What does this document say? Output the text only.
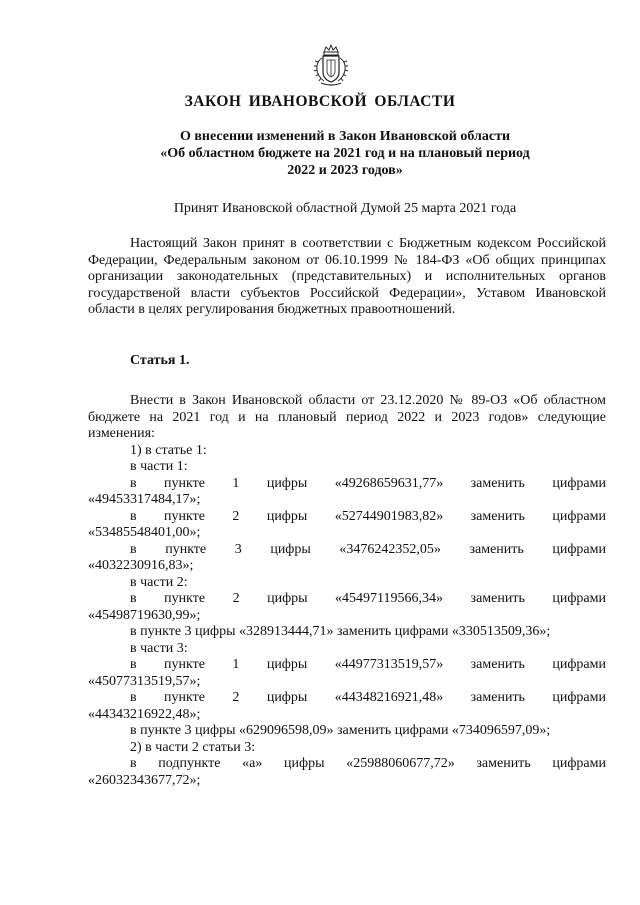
ЗАКОН ИВАНОВСКОЙ ОБЛАСТИ
О внесении изменений в Закон Ивановской области
«Об областном бюджете на 2021 год и на плановый период
2022 и 2023 годов»
Принят Ивановской областной Думой 25 марта 2021 года
Настоящий Закон принят в соответствии с Бюджетным кодексом Российской Федерации, Федеральным законом от 06.10.1999 № 184-ФЗ «Об общих принципах организации законодательных (представительных) и исполнительных органов государственой власти субъектов Российской Федерации», Уставом Ивановской области в целях регулирования бюджетных правоотношений.
Статья 1.

Внести в Закон Ивановской области от 23.12.2020 № 89-ОЗ «Об областном бюджете на 2021 год и на плановый период 2022 и 2023 годов» следующие изменения:

1) в статье 1:

в части 1:

в пункте 1 цифры «49268659631,77» заменить цифрами

«49453317484,17»;

в пункте 2 цифры «52744901983,82» заменить цифрами

«53485548401,00»;

в пункте 3 цифры «3476242352,05» заменить цифрами

«4032230916,83»;

в части 2:

в пункте 2 цифры «45497119566,34» заменить цифрами

«45498719630,99»;

в пункте 3 цифры «328913444,71» заменить цифрами «330513509,36»;

в части 3:

в пункте 1 цифры «44977313519,57» заменить цифрами

«45077313519,57»;

в пункте 2 цифры «44348216921,48» заменить цифрами

«44343216922,48»;

в пункте 3 цифры «629096598,09» заменить цифрами «734096597,09»;

2) в части 2 статьи 3:

в подпункте «а» цифры «25988060677,72» заменить цифрами

«26032343677,72»;
